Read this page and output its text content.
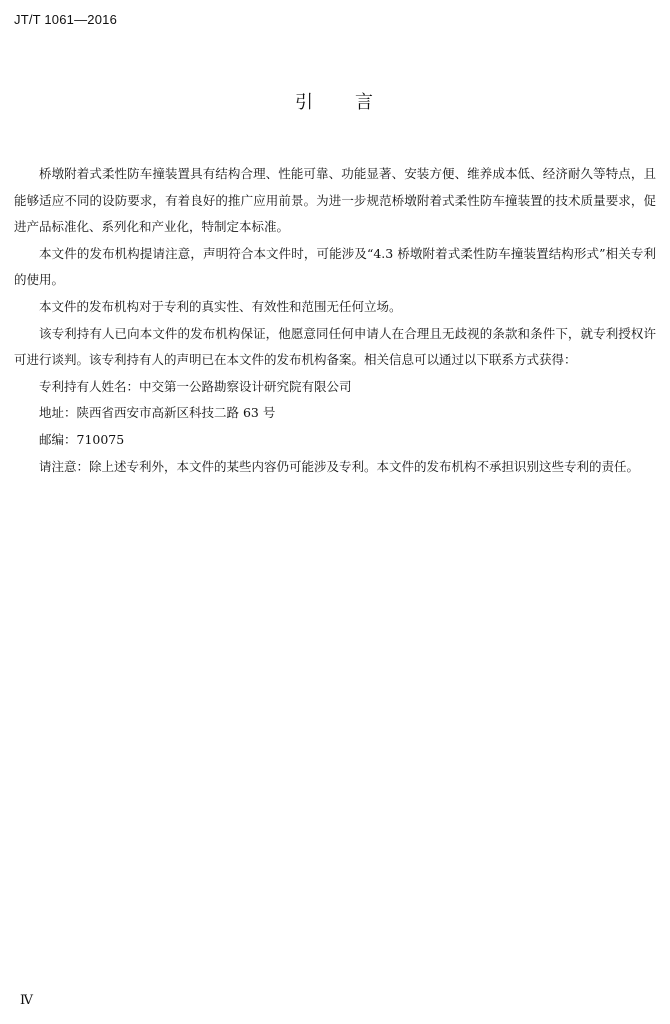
JT/T 1061—2016
引　　言

桥墩附着式柔性防车撞装置具有结构合理、性能可靠、功能显著、安装方便、维养成本低、经济耐久等特点，且能够适应不同的设防要求，有着良好的推广应用前景。为进一步规范桥墩附着式柔性防车撞装置的技术质量要求，促进产品标准化、系列化和产业化，特制定本标准。

本文件的发布机构提请注意，声明符合本文件时，可能涉及“4.3 桥墩附着式柔性防车撞装置结构形式”相关专利的使用。

本文件的发布机构对于专利的真实性、有效性和范围无任何立场。

该专利持有人已向本文件的发布机构保证，他愿意同任何申请人在合理且无歧视的条款和条件下，就专利授权许可进行谈判。该专利持有人的声明已在本文件的发布机构备案。相关信息可以通过以下联系方式获得：

专利持有人姓名：中交第一公路勘察设计研究院有限公司

地址：陕西省西安市高新区科技二路 63 号

邮编：710075

请注意：除上述专利外，本文件的某些内容仍可能涉及专利。本文件的发布机构不承担识别这些专利的责任。

Ⅳ
